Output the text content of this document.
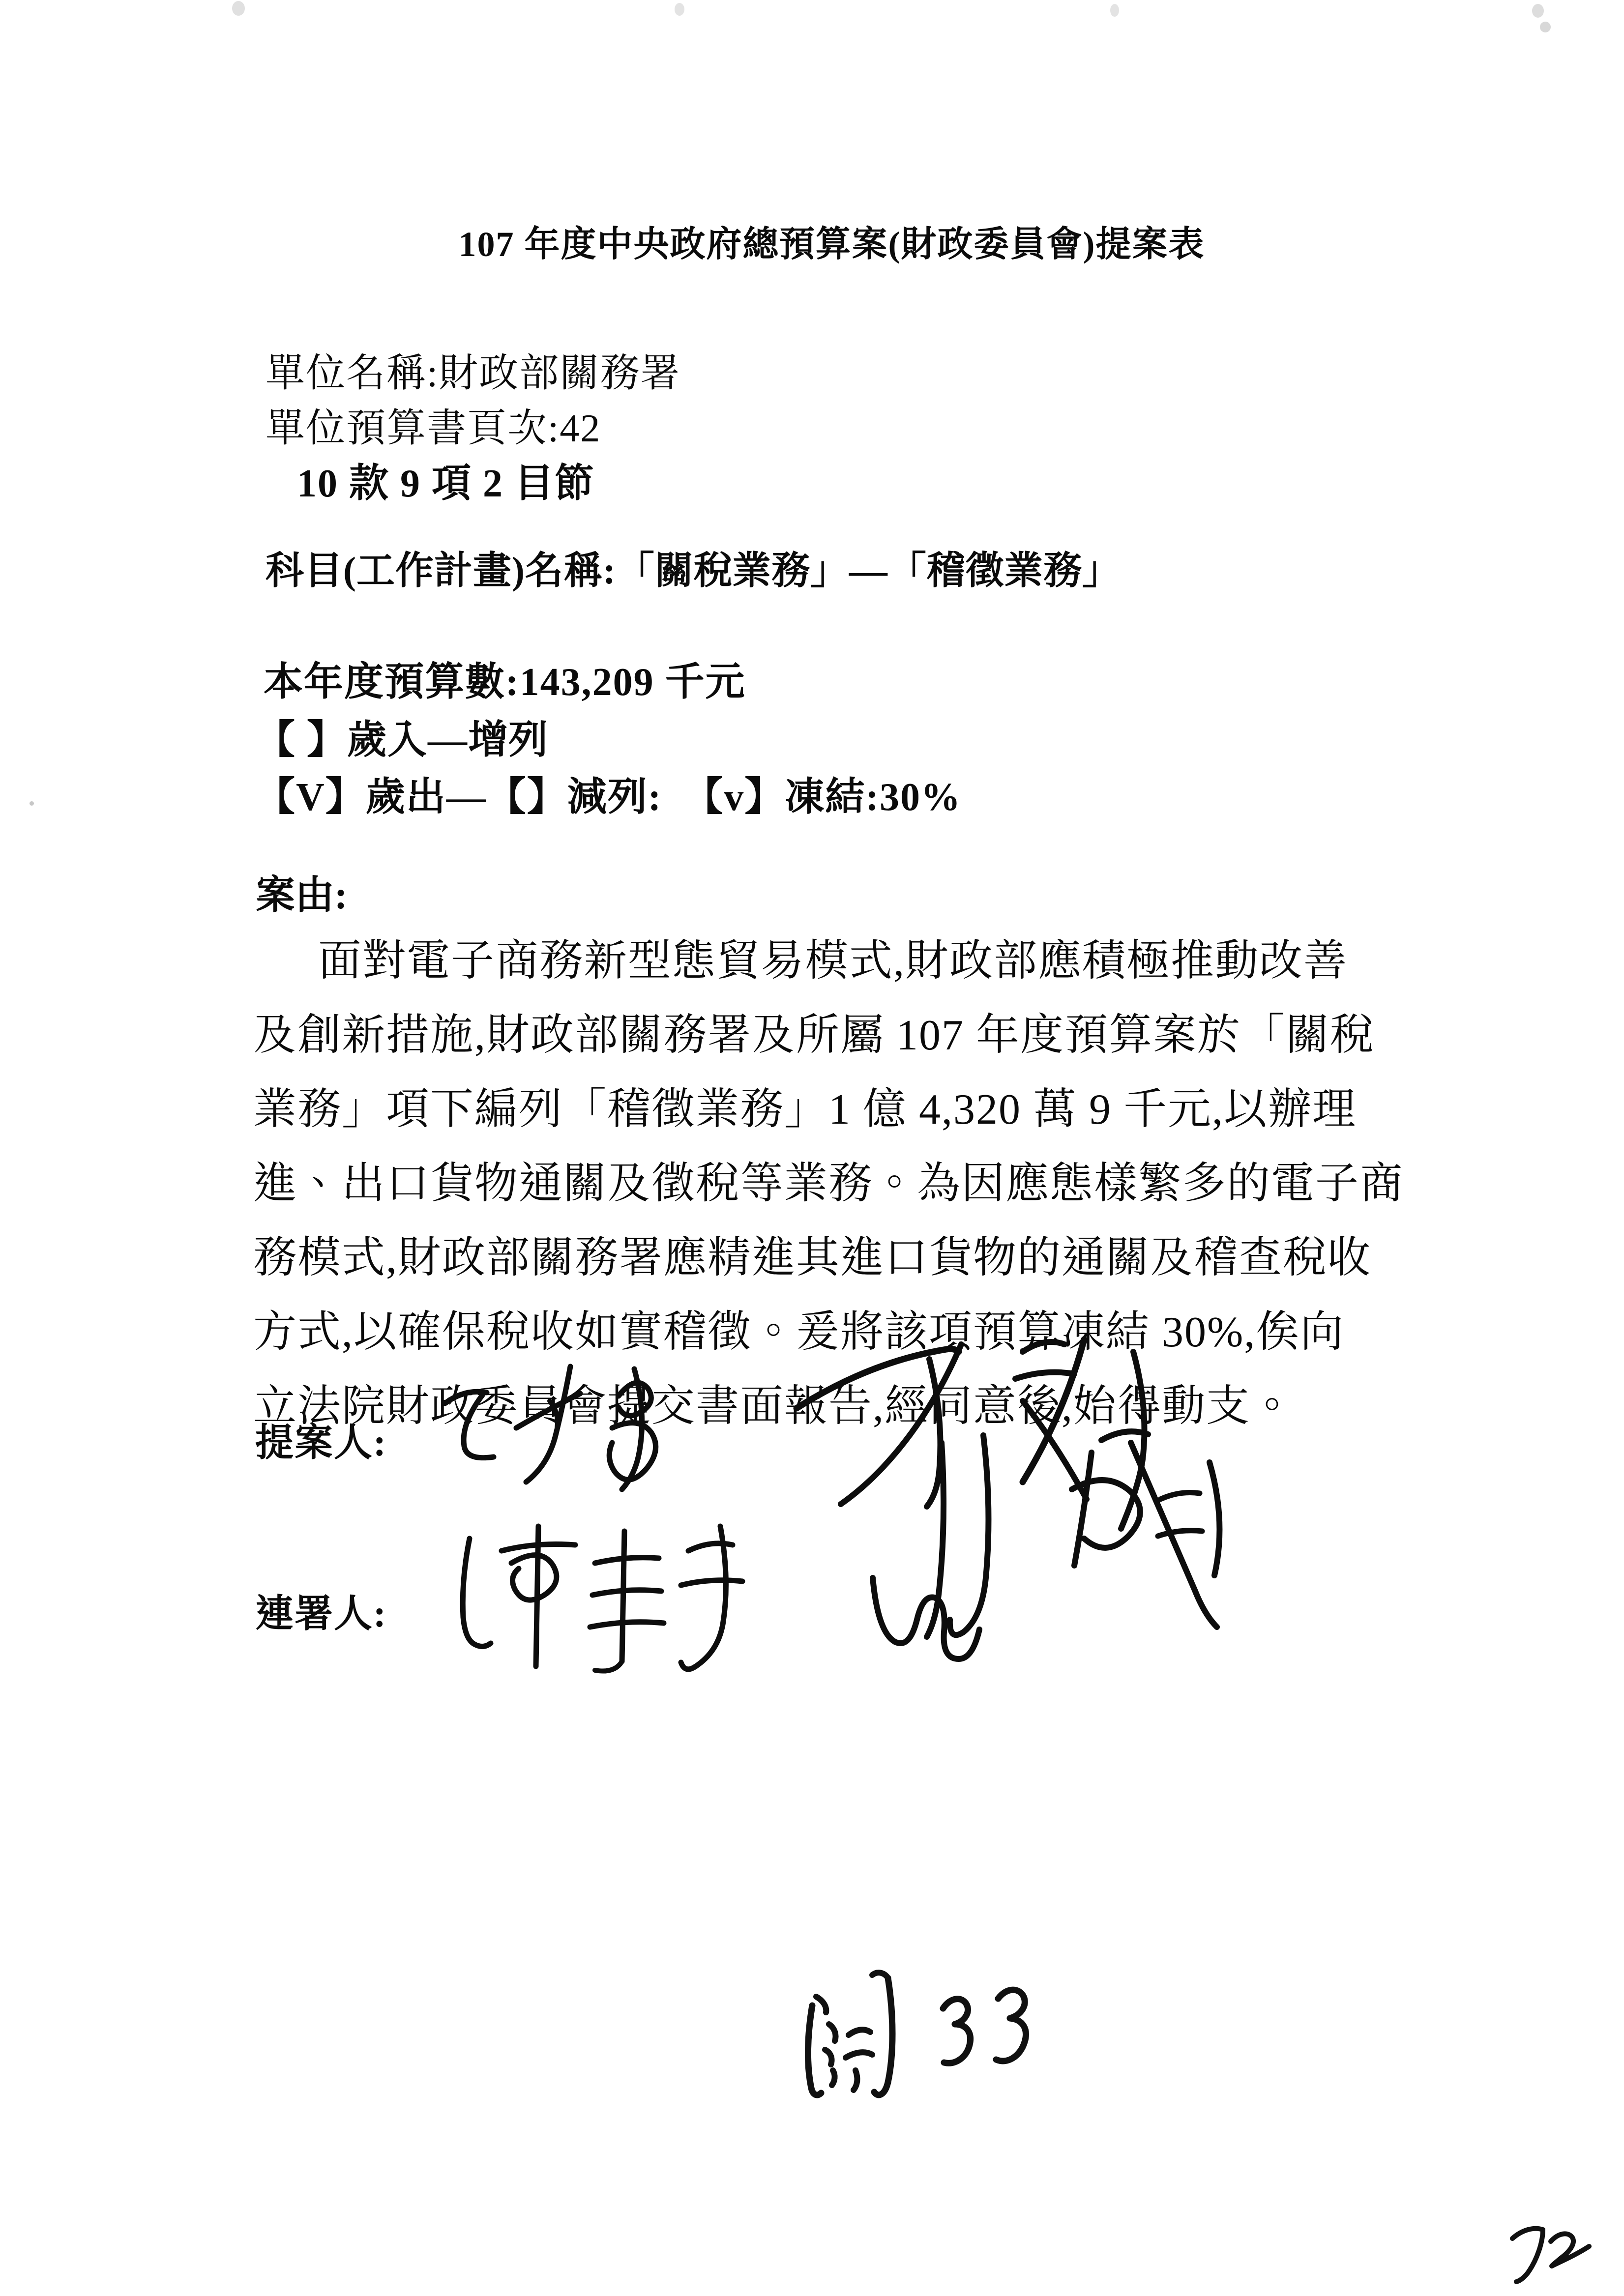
107 年度中央政府總預算案(財政委員會)提案表
單位名稱:財政部關務署
單位預算書頁次:42
10 款 9 項 2 目節
科目(工作計畫)名稱:「關稅業務」—「稽徵業務」
本年度預算數:143,209 千元
【 】歲入—增列
【V】歲出—【】減列:  【v】凍結:30%
案由:

面對電子商務新型態貿易模式,財政部應積極推動改善

及創新措施,財政部關務署及所屬 107 年度預算案於「關稅

業務」項下編列「稽徵業務」1 億 4,320 萬 9 千元,以辦理

進、出口貨物通關及徵稅等業務。為因應態樣繁多的電子商

務模式,財政部關務署應精進其進口貨物的通關及稽查稅收

方式,以確保稅收如實稽徵。爰將該項預算凍結 30%,俟向

立法院財政委員會提交書面報告,經同意後,始得動支。

提案人:
連署人:
